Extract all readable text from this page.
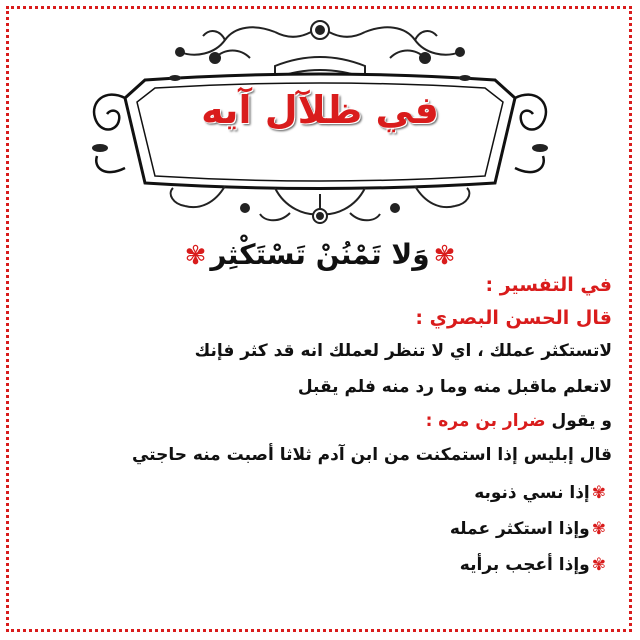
في ظلآل آيه
✾وَلا تَمْنُنْ تَسْتَكْثِر✾
في التفسير :
قال الحسن البصري :
لاتستكثر عملك ، اي لا تنظر لعملك انه قد كثر فإنك
لاتعلم ماقبل منه وما رد منه فلم يقبل
و يقول ضرار بن مره :
قال إبليس إذا استمكنت من ابن آدم ثلاثا أصبت منه حاجتي
✾إذا نسي ذنوبه
✾وإذا استكثر عمله
✾وإذا أعجب برأيه
